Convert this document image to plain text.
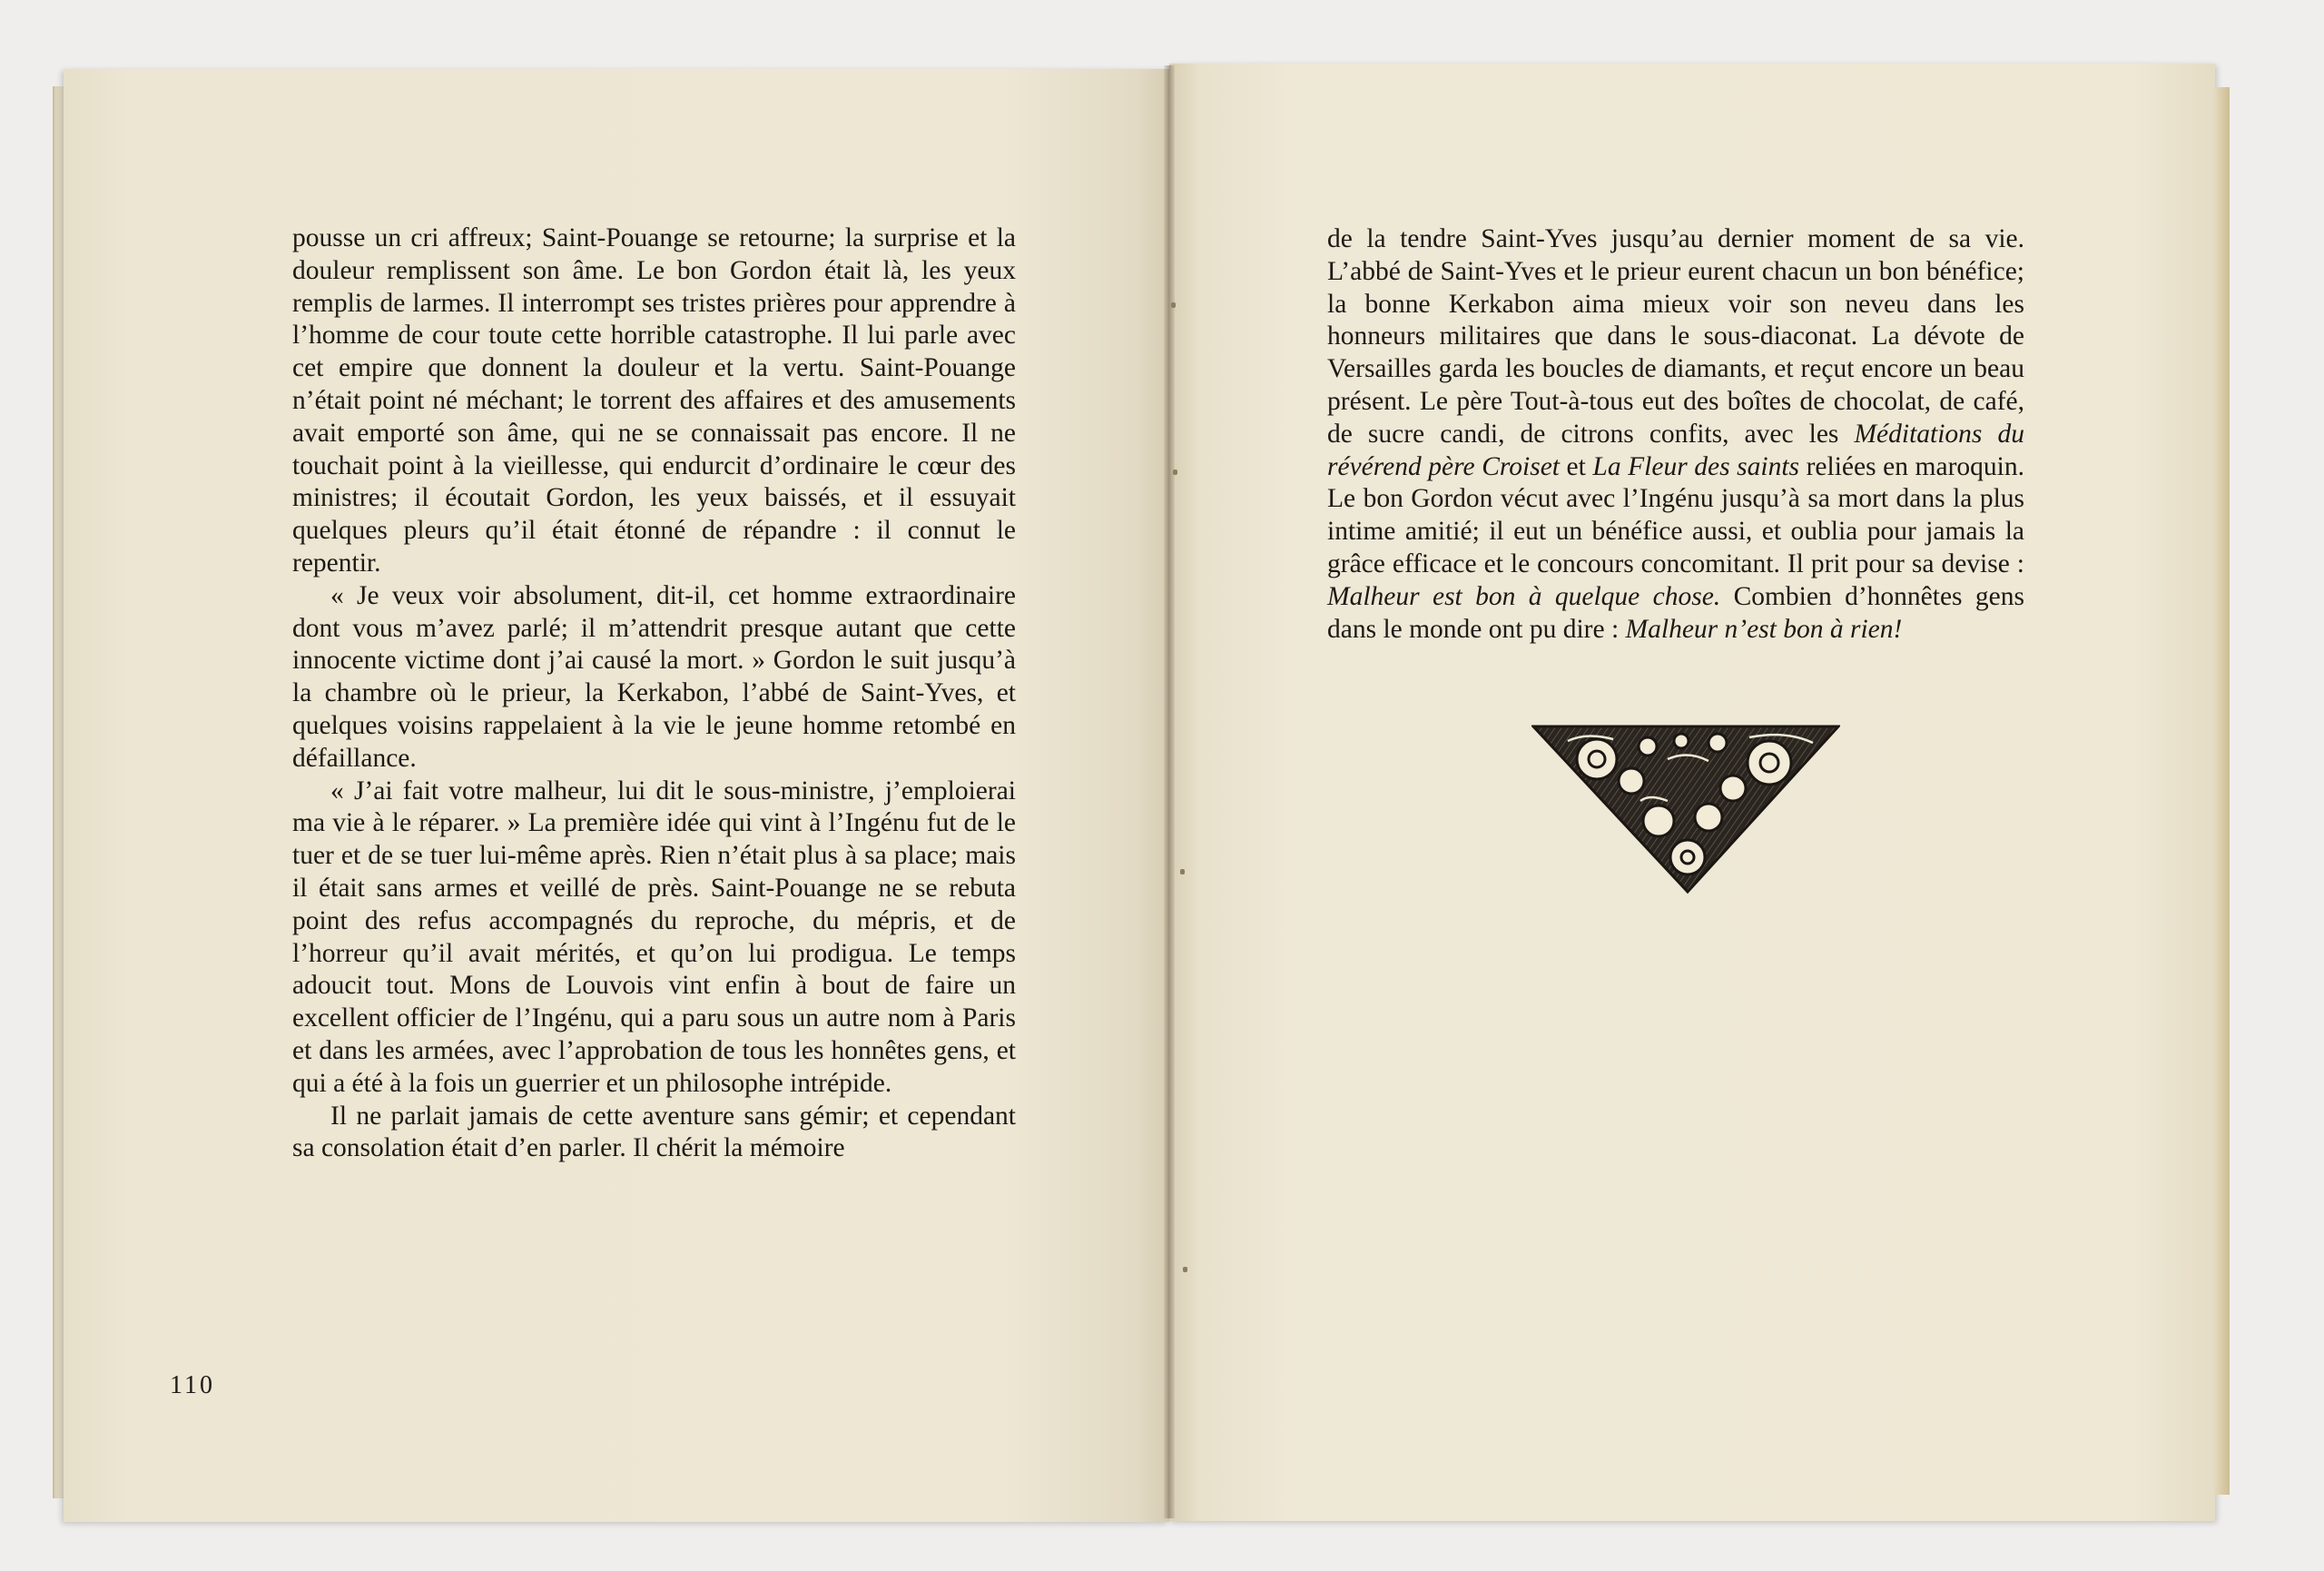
pousse un cri affreux; Saint-Pouange se retourne; la surprise et la douleur remplissent son âme. Le bon Gordon était là, les yeux remplis de larmes. Il interrompt ses tristes prières pour apprendre à l’homme de cour toute cette horrible catastrophe. Il lui parle avec cet empire que donnent la douleur et la vertu. Saint-Pouange n’était point né méchant; le torrent des affaires et des amusements avait emporté son âme, qui ne se connaissait pas encore. Il ne touchait point à la vieillesse, qui endurcit d’ordinaire le cœur des ministres; il écoutait Gordon, les yeux baissés, et il essuyait quelques pleurs qu’il était étonné de répandre : il connut le repentir.

« Je veux voir absolument, dit-il, cet homme extraordinaire dont vous m’avez parlé; il m’attendrit presque autant que cette innocente victime dont j’ai causé la mort. » Gordon le suit jusqu’à la chambre où le prieur, la Kerkabon, l’abbé de Saint-Yves, et quelques voisins rappelaient à la vie le jeune homme retombé en défaillance.

« J’ai fait votre malheur, lui dit le sous-ministre, j’emploierai ma vie à le réparer. » La première idée qui vint à l’Ingénu fut de le tuer et de se tuer lui-même après. Rien n’était plus à sa place; mais il était sans armes et veillé de près. Saint-Pouange ne se rebuta point des refus accompagnés du reproche, du mépris, et de l’horreur qu’il avait mérités, et qu’on lui prodigua. Le temps adoucit tout. Mons de Louvois vint enfin à bout de faire un excellent officier de l’Ingénu, qui a paru sous un autre nom à Paris et dans les armées, avec l’approbation de tous les honnêtes gens, et qui a été à la fois un guerrier et un philosophe intrépide.

Il ne parlait jamais de cette aventure sans gémir; et cependant sa consolation était d’en parler. Il chérit la mémoire

110

de la tendre Saint-Yves jusqu’au dernier moment de sa vie. L’abbé de Saint-Yves et le prieur eurent chacun un bon bénéfice; la bonne Kerkabon aima mieux voir son neveu dans les honneurs militaires que dans le sous-diaconat. La dévote de Versailles garda les boucles de diamants, et reçut encore un beau présent. Le père Tout-à-tous eut des boîtes de chocolat, de café, de sucre candi, de citrons confits, avec les Méditations du révérend père Croiset et La Fleur des saints reliées en maroquin. Le bon Gordon vécut avec l’Ingénu jusqu’à sa mort dans la plus intime amitié; il eut un bénéfice aussi, et oublia pour jamais la grâce efficace et le concours concomitant. Il prit pour sa devise : Malheur est bon à quelque chose. Combien d’honnêtes gens dans le monde ont pu dire : Malheur n’est bon à rien!
